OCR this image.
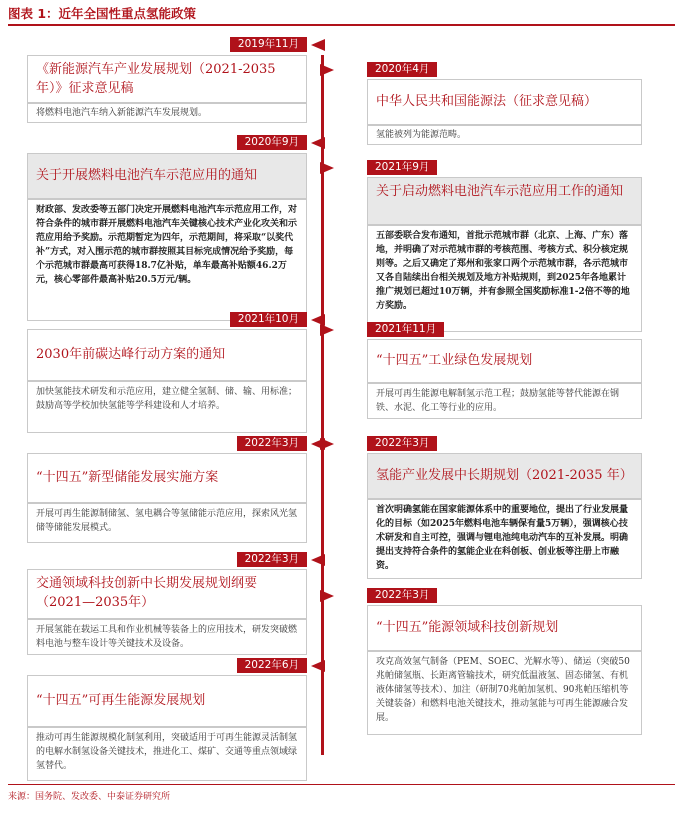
图表 1：近年全国性重点氢能政策
2019年11月
《新能源汽车产业发展规划（2021-2035年）》征求意见稿
将燃料电池汽车纳入新能源汽车发展规划。
2020年9月
关于开展燃料电池汽车示范应用的通知
财政部、发改委等五部门决定开展燃料电池汽车示范应用工作，对符合条件的城市群开展燃料电池汽车关键核心技术产业化攻关和示范应用给予奖励。示范期暂定为四年，示范期间，将采取“以奖代补”方式，对入围示范的城市群按照其目标完成情况给予奖励，每个示范城市群最高可获得18.7亿补贴，单车最高补贴额46.2万元，核心零部件最高补贴20.5万元/辆。
2021年10月
2030年前碳达峰行动方案的通知
加快氢能技术研发和示范应用，建立健全氢制、储、输、用标准；鼓励高等学校加快氢能等学科建设和人才培养。
2022年3月
“十四五”新型储能发展实施方案
开展可再生能源制储氢、氢电耦合等氢储能示范应用，探索风光氢储等储能发展模式。
2022年3月
交通领域科技创新中长期发展规划纲要（2021—2035年）
开展氢能在载运工具和作业机械等装备上的应用技术，研发突破燃料电池与整车设计等关键技术及设备。
2022年6月
“十四五”可再生能源发展规划
推动可再生能源规模化制氢利用，突破适用于可再生能源灵活制氢的电解水制氢设备关键技术，推进化工、煤矿、交通等重点领域绿氢替代。
2020年4月
中华人民共和国能源法（征求意见稿）
氢能被列为能源范畴。
2021年9月
关于启动燃料电池汽车示范应用工作的通知
五部委联合发布通知，首批示范城市群（北京、上海、广东）落地，并明确了对示范城市群的考核范围、考核方式、积分核定规则等。之后又确定了郑州和张家口两个示范城市群，各示范城市又各自陆续出台相关规划及地方补贴规则，到2025年各地累计推广规划已超过10万辆，并有参照全国奖励标准1-2倍不等的地方奖励。
2021年11月
“十四五”工业绿色发展规划
开展可再生能源电解制氢示范工程；鼓励氢能等替代能源在钢铁、水泥、化工等行业的应用。
2022年3月
氢能产业发展中长期规划（2021-2035 年）
首次明确氢能在国家能源体系中的重要地位，提出了行业发展量化的目标（如2025年燃料电池车辆保有量5万辆），强调核心技术研发和自主可控，强调与锂电池纯电动汽车的互补发展。明确提出支持符合条件的氢能企业在科创板、创业板等注册上市融资。
2022年3月
“十四五”能源领域科技创新规划
攻克高效氢气制备（PEM、SOEC、光解水等）、储运（突破50兆帕储氢瓶、长距离管输技术，研究低温液氢、固态储氢、有机液体储氢等技术）、加注（研制70兆帕加氢机、90兆帕压缩机等关键装备）和燃料电池关键技术，推动氢能与可再生能源融合发展。
来源：国务院、发改委、中泰证券研究所
